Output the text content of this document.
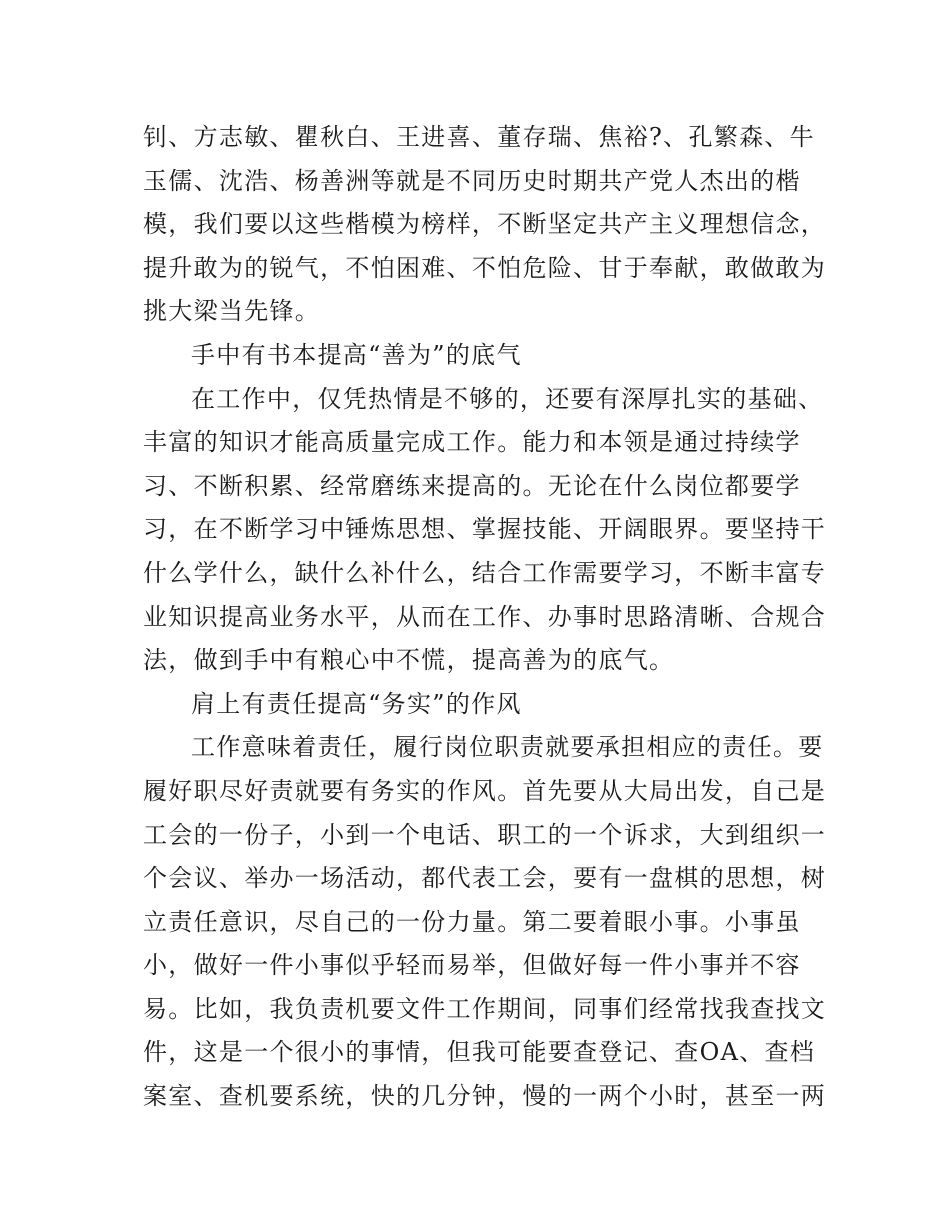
钊、方志敏、瞿秋白、王进喜、董存瑞、焦裕?、孔繁森、牛
玉儒、沈浩、杨善洲等就是不同历史时期共产党人杰出的楷
模，我们要以这些楷模为榜样，不断坚定共产主义理想信念，
提升敢为的锐气，不怕困难、不怕危险、甘于奉献，敢做敢为
挑大梁当先锋。
手中有书本提高“善为”的底气
在工作中，仅凭热情是不够的，还要有深厚扎实的基础、
丰富的知识才能高质量完成工作。能力和本领是通过持续学
习、不断积累、经常磨练来提高的。无论在什么岗位都要学
习，在不断学习中锤炼思想、掌握技能、开阔眼界。要坚持干
什么学什么，缺什么补什么，结合工作需要学习，不断丰富专
业知识提高业务水平，从而在工作、办事时思路清晰、合规合
法，做到手中有粮心中不慌，提高善为的底气。
肩上有责任提高“务实”的作风
工作意味着责任，履行岗位职责就要承担相应的责任。要
履好职尽好责就要有务实的作风。首先要从大局出发，自己是
工会的一份子，小到一个电话、职工的一个诉求，大到组织一
个会议、举办一场活动，都代表工会，要有一盘棋的思想，树
立责任意识，尽自己的一份力量。第二要着眼小事。小事虽
小，做好一件小事似乎轻而易举，但做好每一件小事并不容
易。比如，我负责机要文件工作期间，同事们经常找我查找文
件，这是一个很小的事情，但我可能要查登记、查OA、查档
案室、查机要系统，快的几分钟，慢的一两个小时，甚至一两
